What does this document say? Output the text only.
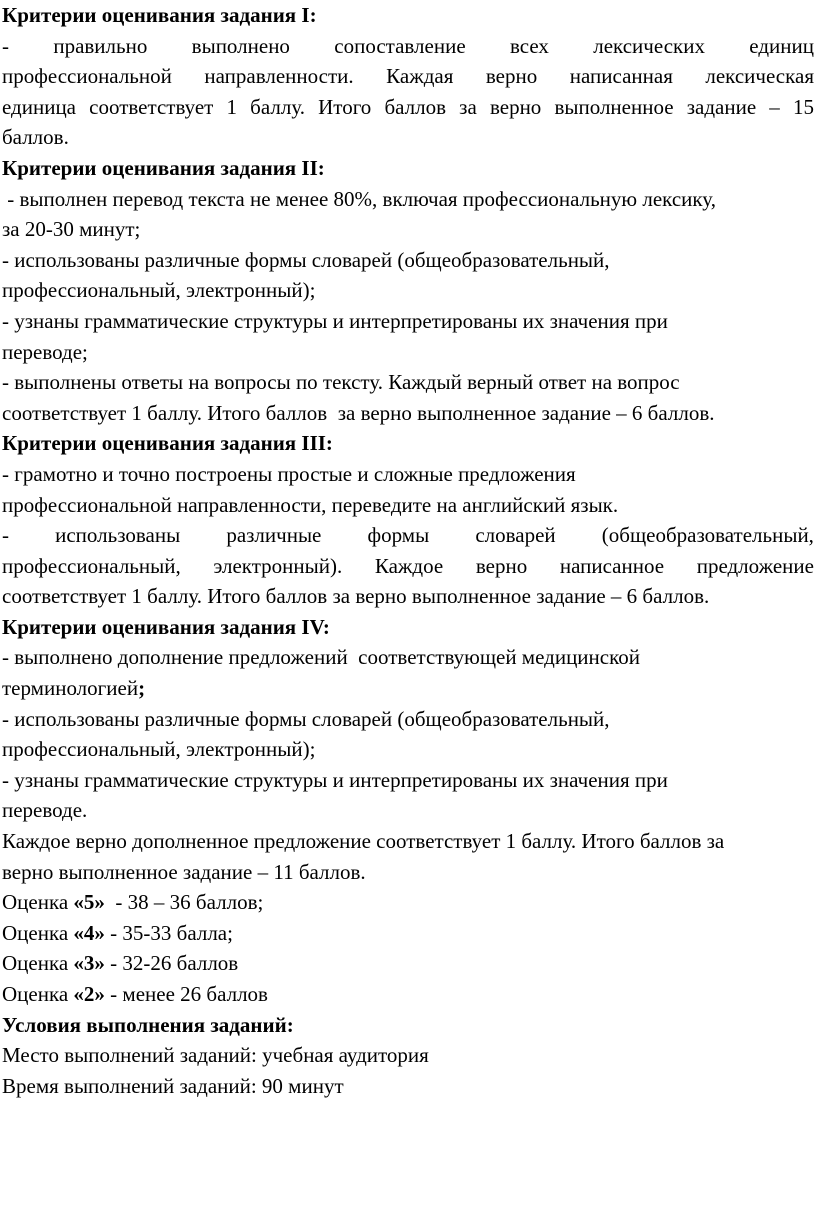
Критерии оценивания задания I:
- правильно выполнено сопоставление всех лексических единиц
профессиональной направленности. Каждая верно написанная лексическая
единица соответствует 1 баллу. Итого баллов за верно выполненное задание – 15
баллов.
Критерии оценивания задания II:
- выполнен перевод текста не менее 80%, включая профессиональную лексику,
за 20-30 минут;
- использованы различные формы словарей (общеобразовательный,
профессиональный, электронный);
- узнаны грамматические структуры и интерпретированы их значения при
переводе;
- выполнены ответы на вопросы по тексту. Каждый верный ответ на вопрос
соответствует 1 баллу. Итого баллов  за верно выполненное задание – 6 баллов.
Критерии оценивания задания III:
- грамотно и точно построены простые и сложные предложения
профессиональной направленности, переведите на английский язык.
- использованы различные формы словарей (общеобразовательный,
профессиональный, электронный). Каждое верно написанное предложение
соответствует 1 баллу. Итого баллов за верно выполненное задание – 6 баллов.
Критерии оценивания задания IV:
- выполнено дополнение предложений  соответствующей медицинской
терминологией;
- использованы различные формы словарей (общеобразовательный,
профессиональный, электронный);
- узнаны грамматические структуры и интерпретированы их значения при
переводе.
Каждое верно дополненное предложение соответствует 1 баллу. Итого баллов за
верно выполненное задание – 11 баллов.
Оценка «5»  - 38 – 36 баллов;
Оценка «4» - 35-33 балла;
Оценка «3» - 32-26 баллов
Оценка «2» - менее 26 баллов
Условия выполнения заданий:
Место выполнений заданий: учебная аудитория
Время выполнений заданий: 90 минут
